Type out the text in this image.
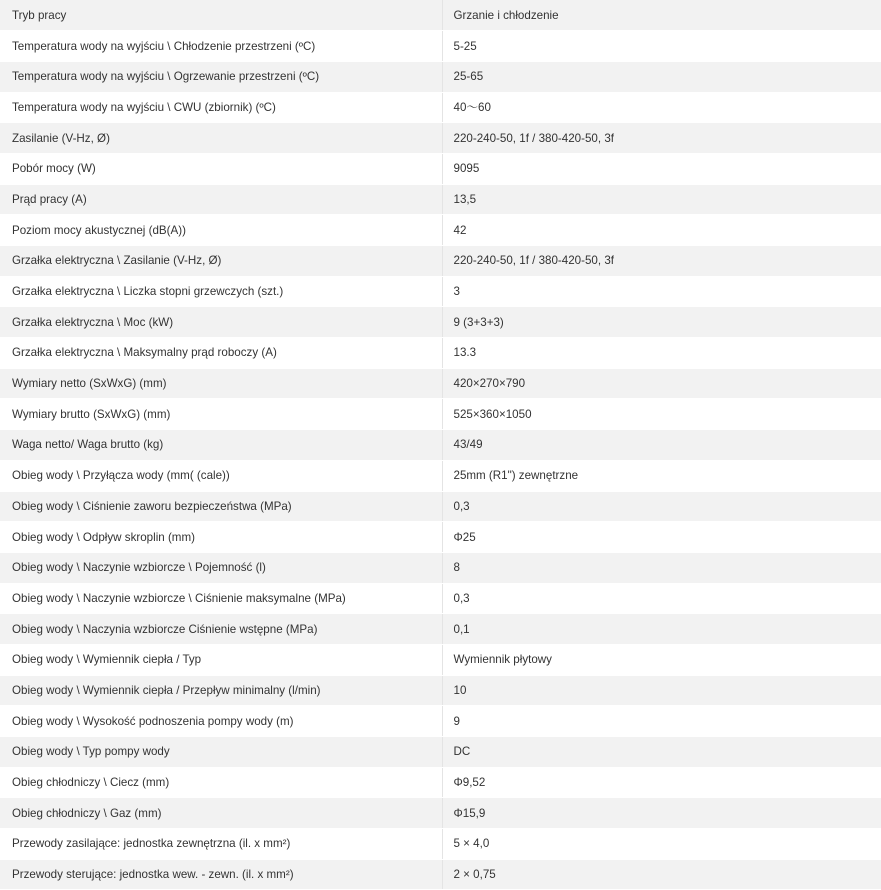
Tryb pracy	Grzanie i chłodzenie
Temperatura wody na wyjściu \ Chłodzenie przestrzeni (ºC)	5-25
Temperatura wody na wyjściu \ Ogrzewanie przestrzeni (ºC)	25-65
Temperatura wody na wyjściu \ CWU (zbiornik) (ºC)	40～60
Zasilanie (V-Hz, Ø)	220-240-50, 1f / 380-420-50, 3f
Pobór mocy (W)	9095
Prąd pracy (A)	13,5
Poziom mocy akustycznej (dB(A))	42
Grzałka elektryczna \ Zasilanie (V-Hz, Ø)	220-240-50, 1f / 380-420-50, 3f
Grzałka elektryczna \ Liczka stopni grzewczych (szt.)	3
Grzałka elektryczna \ Moc (kW)	9 (3+3+3)
Grzałka elektryczna \ Maksymalny prąd roboczy (A)	13.3
Wymiary netto (SxWxG) (mm)	420×270×790
Wymiary brutto (SxWxG) (mm)	525×360×1050
Waga netto/ Waga brutto (kg)	43/49
Obieg wody \ Przyłącza wody (mm( (cale))	25mm (R1") zewnętrzne
Obieg wody \ Ciśnienie zaworu bezpieczeństwa (MPa)	0,3
Obieg wody \ Odpływ skroplin (mm)	Φ25
Obieg wody \ Naczynie wzbiorcze \ Pojemność (l)	8
Obieg wody \ Naczynie wzbiorcze \ Ciśnienie maksymalne (MPa)	0,3
Obieg wody \ Naczynia wzbiorcze Ciśnienie wstępne (MPa)	0,1
Obieg wody \ Wymiennik ciepła / Typ	Wymiennik płytowy
Obieg wody \ Wymiennik ciepła / Przepływ minimalny (l/min)	10
Obieg wody \ Wysokość podnoszenia pompy wody (m)	9
Obieg wody \ Typ pompy wody	DC
Obieg chłodniczy \ Ciecz (mm)	Φ9,52
Obieg chłodniczy \ Gaz (mm)	Φ15,9
Przewody zasilające: jednostka zewnętrzna (il. x mm²)	5 × 4,0
Przewody sterujące: jednostka wew. - zewn. (il. x mm²)	2 × 0,75
